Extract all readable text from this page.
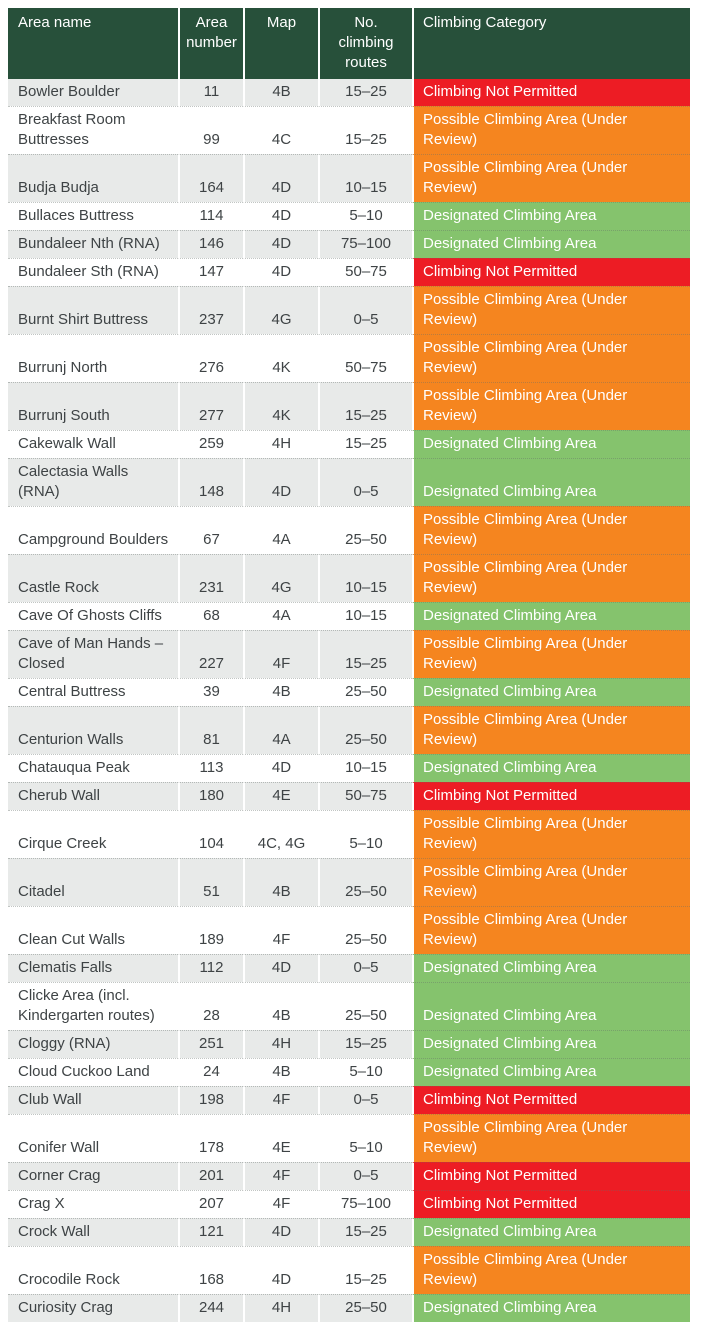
Area name	Area number	Map	No. climbing routes	Climbing Category
Bowler Boulder	11	4B	15–25	Climbing Not Permitted
Breakfast Room Buttresses	99	4C	15–25	Possible Climbing Area (Under Review)
Budja Budja	164	4D	10–15	Possible Climbing Area (Under Review)
Bullaces Buttress	114	4D	5–10	Designated Climbing Area
Bundaleer Nth (RNA)	146	4D	75–100	Designated Climbing Area
Bundaleer Sth (RNA)	147	4D	50–75	Climbing Not Permitted
Burnt Shirt Buttress	237	4G	0–5	Possible Climbing Area (Under Review)
Burrunj North	276	4K	50–75	Possible Climbing Area (Under Review)
Burrunj South	277	4K	15–25	Possible Climbing Area (Under Review)
Cakewalk Wall	259	4H	15–25	Designated Climbing Area
Calectasia Walls (RNA)	148	4D	0–5	Designated Climbing Area
Campground Boulders	67	4A	25–50	Possible Climbing Area (Under Review)
Castle Rock	231	4G	10–15	Possible Climbing Area (Under Review)
Cave Of Ghosts Cliffs	68	4A	10–15	Designated Climbing Area
Cave of Man Hands – Closed	227	4F	15–25	Possible Climbing Area (Under Review)
Central Buttress	39	4B	25–50	Designated Climbing Area
Centurion Walls	81	4A	25–50	Possible Climbing Area (Under Review)
Chatauqua Peak	113	4D	10–15	Designated Climbing Area
Cherub Wall	180	4E	50–75	Climbing Not Permitted
Cirque Creek	104	4C, 4G	5–10	Possible Climbing Area (Under Review)
Citadel	51	4B	25–50	Possible Climbing Area (Under Review)
Clean Cut Walls	189	4F	25–50	Possible Climbing Area (Under Review)
Clematis Falls	112	4D	0–5	Designated Climbing Area
Clicke Area (incl. Kindergarten routes)	28	4B	25–50	Designated Climbing Area
Cloggy (RNA)	251	4H	15–25	Designated Climbing Area
Cloud Cuckoo Land	24	4B	5–10	Designated Climbing Area
Club Wall	198	4F	0–5	Climbing Not Permitted
Conifer Wall	178	4E	5–10	Possible Climbing Area (Under Review)
Corner Crag	201	4F	0–5	Climbing Not Permitted
Crag X	207	4F	75–100	Climbing Not Permitted
Crock Wall	121	4D	15–25	Designated Climbing Area
Crocodile Rock	168	4D	15–25	Possible Climbing Area (Under Review)
Curiosity Crag	244	4H	25–50	Designated Climbing Area
